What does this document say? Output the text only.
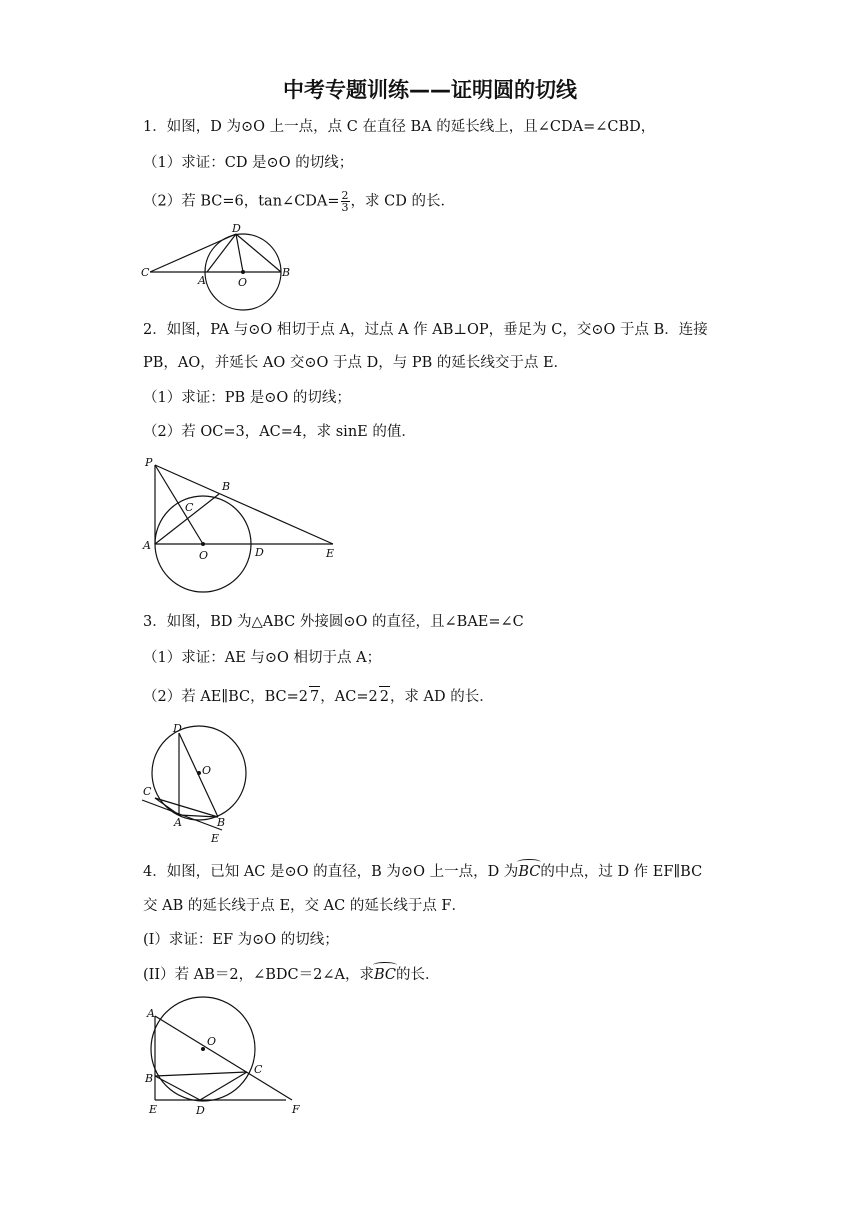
中考专题训练——证明圆的切线
1．如图，D 为⊙O 上一点，点 C 在直径 BA 的延长线上，且∠CDA=∠CBD，
（1）求证：CD 是⊙O 的切线；
（2）若 BC=6，tan∠CDA= $\frac{2}{3}$ ，求 CD 的长．
C
A	O
B
D
2．如图，PA 与⊙O 相切于点 A，过点 A 作 AB⊥OP，垂足为 C，交⊙O 于点 B．连接
PB，AO，并延长 AO 交⊙O 于点 D，与 PB 的延长线交于点 E．
（1）求证：PB 是⊙O 的切线；
（2）若 OC=3，AC=4，求 sinE 的值．
P
B
C
A
O	D	E
3．如图，BD 为△ABC 外接圆⊙O 的直径，且∠BAE=∠C
（1）求证：AE 与⊙O 相切于点 A；
（2）若 AE∥BC，BC=2 7，AC=2 2，求 AD 的长．
D
O
C
A	B
E
4．如图，已知 AC 是⊙O 的直径，B 为⊙O 上一点，D 为BC的中点，过 D 作 EF∥BC
交 AB 的延长线于点 E，交 AC 的延长线于点 F．
(I）求证：EF 为⊙O 的切线；
(II）若 AB＝2，∠BDC＝2∠A，求BC的长．
A
O
B
C
E	D	F
